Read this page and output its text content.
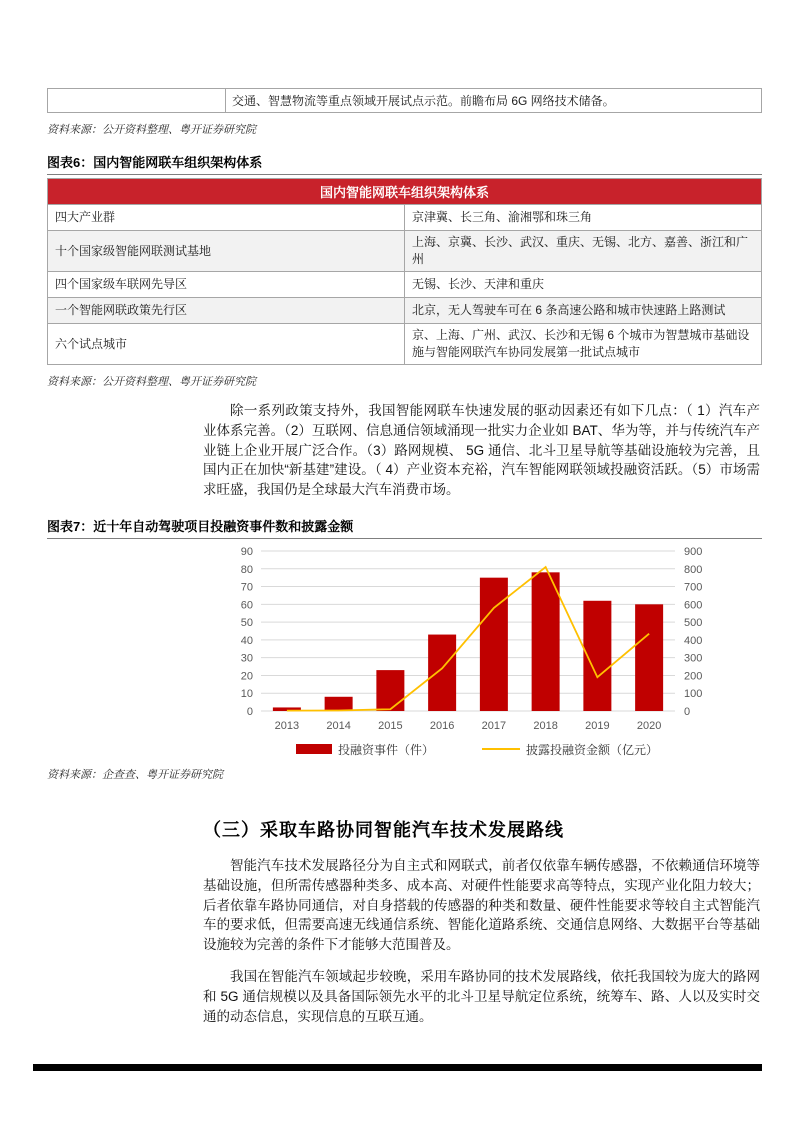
	交通、智慧物流等重点领域开展试点示范。前瞻布局 6G 网络技术储备。
资料来源：公开资料整理、粤开证券研究院
图表6：国内智能网联车组织架构体系
国内智能网联车组织架构体系	
四大产业群	京津冀、长三角、渝湘鄂和珠三角
十个国家级智能网联测试基地	上海、京冀、长沙、武汉、重庆、无锡、北方、嘉善、浙江和广州
四个国家级车联网先导区	无锡、长沙、天津和重庆
一个智能网联政策先行区	北京，无人驾驶车可在 6 条高速公路和城市快速路上路测试
六个试点城市	京、上海、广州、武汉、长沙和无锡 6 个城市为智慧城市基础设施与智能网联汽车协同发展第一批试点城市
资料来源：公开资料整理、粤开证券研究院

除一系列政策支持外，我国智能网联车快速发展的驱动因素还有如下几点：（ 1）汽车产业体系完善。（2）互联网、信息通信领域涌现一批实力企业如 BAT、华为等，并与传统汽车产业链上企业开展广泛合作。（3）路网规模、 5G 通信、北斗卫星导航等基础设施较为完善，且国内正在加快“新基建”建设。（ 4）产业资本充裕，汽车智能网联领域投融资活跃。（5）市场需求旺盛，我国仍是全球最大汽车消费市场。

图表7：近十年自动驾驶项目投融资事件数和披露金额
0	0
10	100
20	200
30	300
40	400
50	500
60	600
70	700
80	800
90	900
2013 2014 2015 2016 2017 2018 2019 2020
投融资事件（件）	披露投融资金额（亿元）
资料来源：企查查、粤开证券研究院
（三）采取车路协同智能汽车技术发展路线

智能汽车技术发展路径分为自主式和网联式，前者仅依靠车辆传感器，不依赖通信环境等基础设施，但所需传感器种类多、成本高、对硬件性能要求高等特点，实现产业化阻力较大；后者依靠车路协同通信，对自身搭载的传感器的种类和数量、硬件性能要求等较自主式智能汽车的要求低，但需要高速无线通信系统、智能化道路系统、交通信息网络、大数据平台等基础设施较为完善的条件下才能够大范围普及。

我国在智能汽车领域起步较晚，采用车路协同的技术发展路线，依托我国较为庞大的路网和 5G 通信规模以及具备国际领先水平的北斗卫星导航定位系统，统筹车、路、人以及实时交通的动态信息，实现信息的互联互通。
